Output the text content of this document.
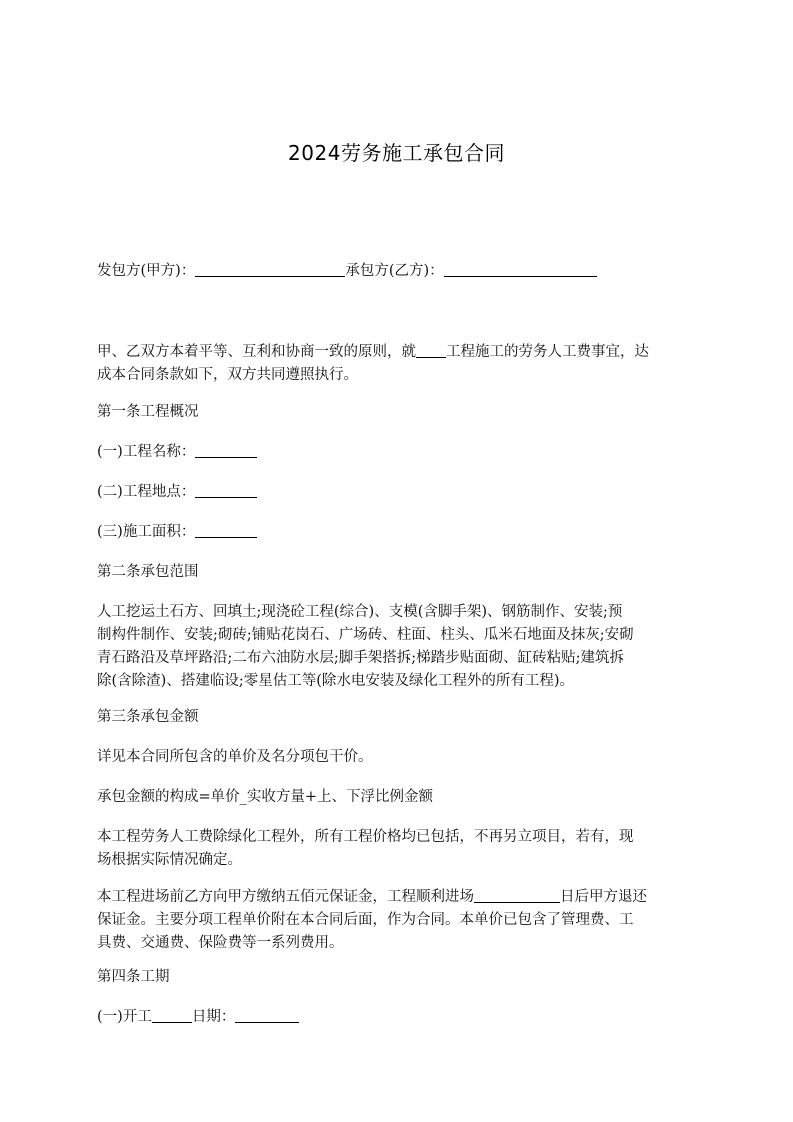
2024劳务施工承包合同
发包方(甲方)：	承包方(乙方)：
甲、乙双方本着平等、互利和协商一致的原则，就 工程施工的劳务人工费事宜，达
成本合同条款如下，双方共同遵照执行。
第一条工程概况
(一)工程名称：
(二)工程地点：
(三)施工面积：
第二条承包范围
人工挖运土石方、回填土;现浇砼工程(综合)、支模(含脚手架)、钢筋制作、安装;预
制构件制作、安装;砌砖;铺贴花岗石、广场砖、柱面、柱头、瓜米石地面及抹灰;安砌
青石路沿及草坪路沿;二布六油防水层;脚手架搭拆;梯踏步贴面砌、缸砖粘贴;建筑拆
除(含除渣)、搭建临设;零星估工等(除水电安装及绿化工程外的所有工程)。
第三条承包金额
详见本合同所包含的单价及名分项包干价。
承包金额的构成=单价_实收方量+上、下浮比例金额
本工程劳务人工费除绿化工程外，所有工程价格均已包括，不再另立项目，若有，现
场根据实际情况确定。
本工程进场前乙方向甲方缴纳五佰元保证金，工程顺利进场	日后甲方退还
保证金。主要分项工程单价附在本合同后面，作为合同。本单价已包含了管理费、工
具费、交通费、保险费等一系列费用。
第四条工期
(一)开工	日期：
